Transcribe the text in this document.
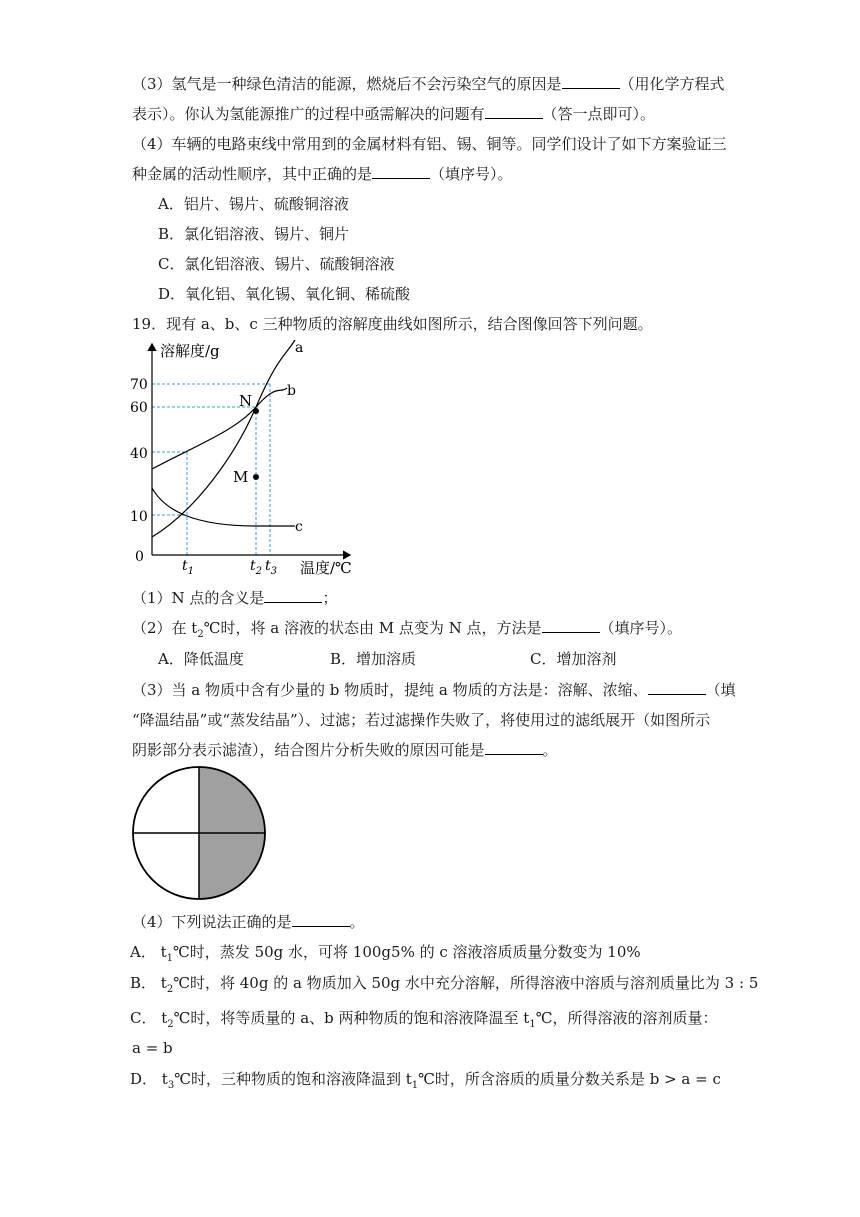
（3）氢气是一种绿色清洁的能源，燃烧后不会污染空气的原因是	（用化学方程式
表示）。你认为氢能源推广的过程中亟需解决的问题有	（答一点即可）。
（4）车辆的电路束线中常用到的金属材料有铝、锡、铜等。同学们设计了如下方案验证三
种金属的活动性顺序，其中正确的是	（填序号）。
A．铝片、锡片、硫酸铜溶液
B．氯化铝溶液、锡片、铜片
C．氯化铝溶液、锡片、硫酸铜溶液
D．氧化铝、氧化锡、氧化铜、稀硫酸
19．现有 a、b、c 三种物质的溶解度曲线如图所示，结合图像回答下列问题。
溶解度/g
温度/℃
70
60
40
10
0
$t_1$	$t_2$ $t_3$
a
b
c
N
M
（1）N 点的含义是	；
（2）在 $t_2℃$时，将 a 溶液的状态由 M 点变为 N 点，方法是	（填序号）。
A．降低温度	B．增加溶质	C．增加溶剂
（3）当 a 物质中含有少量的 b 物质时，提纯 a 物质的方法是：溶解、浓缩、	（填
“降温结晶”或“蒸发结晶”）、过滤；若过滤操作失败了，将使用过的滤纸展开（如图所示
阴影部分表示滤渣），结合图片分析失败的原因可能是	。
（4）下列说法正确的是	。
A． $t_1℃$时，蒸发 50g 水，可将 100g5% 的 c 溶液溶质质量分数变为 10%
B． $t_2℃$时，将 40g 的 a 物质加入 50g 水中充分溶解，所得溶液中溶质与溶剂质量比为 3 : 5
C． $t_2℃$时，将等质量的 a、b 两种物质的饱和溶液降温至 $t_1℃$，所得溶液的溶剂质量：
a = b
D． $t_3℃$时，三种物质的饱和溶液降温到 $t_1℃$时，所含溶质的质量分数关系是 b > a = c
